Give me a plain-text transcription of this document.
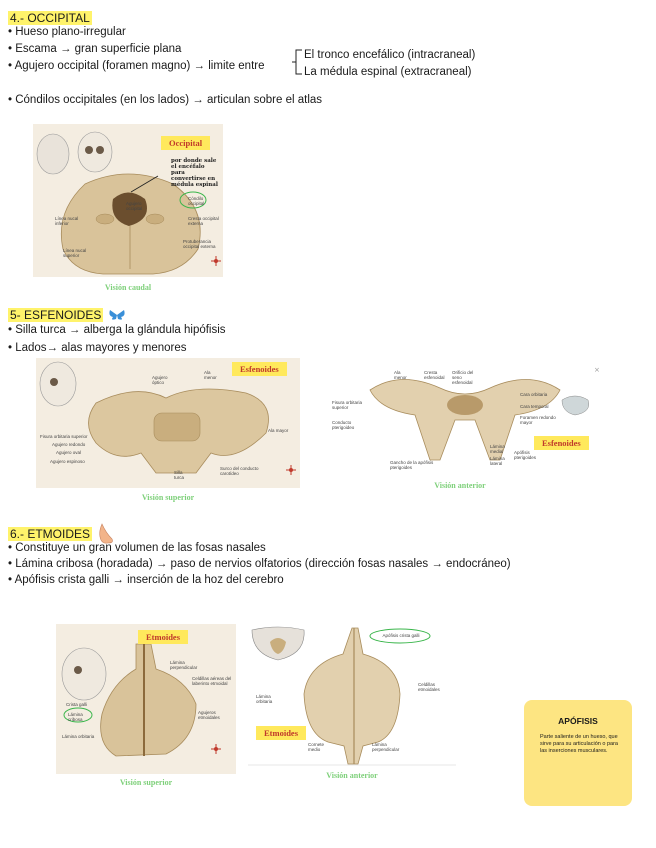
4.- OCCIPITAL
• Hueso plano-irregular
• Escama → gran superficie plana
• Agujero occipital (foramen magno) → limite entre
El tronco encefálico (intracraneal)
La médula espinal (extracraneal)
• Cóndilos occipitales (en los lados) → articulan sobre el atlas
Occipital
por donde sale el encéfalo para convertirse en médula espinal
Agujero occipital
Cóndilo occipital
Línea nucal inferior
Cresta occipital externa
Línea nucal superior
Protuberancia occipital externa
Visión caudal
5- ESFENOIDES
• Silla turca → alberga la glándula hipófisis
• Lados→ alas mayores y menores
Esfenoides
Agujero óptico
Ala menor
Ala mayor
Fisura orbitaria superior
Agujero redondo
Agujero oval
Agujero espinoso
Silla turca
Surco del conducto carotídeo
Visión superior
×
Esfenoides
Ala menor
Cresta esfenoidal
Orificio del seno esfenoidal
Fisura orbitaria superior
Conducto pterigoideo
Cara orbitaria
Cara temporal
Foramen redondo mayor
Lámina medial
Lámina lateral
Apófisis pterigoides
Gancho de la apófisis pterigoides
Visión anterior
6.- ETMOIDES
• Constituye un gran volumen de las fosas nasales
• Lámina cribosa (horadada) → paso de nervios olfatorios (dirección fosas nasales → endocráneo)
• Apófisis crista galli → inserción de la hoz del cerebro
Etmoides
Lámina perpendicular
Celdillas aéreas del laberinto etmoidal
Crista galli
Lámina cribosa
Agujeros etmoidales
Lámina orbitaria
Visión superior
Apófisis crista galli
Celdillas etmoidales
Lámina orbitaria
Cornete medio
Lámina perpendicular
Etmoides
Visión anterior
APÓFISIS
Parte saliente de un hueso, que sirve para su articulación o para las inserciones musculares.
